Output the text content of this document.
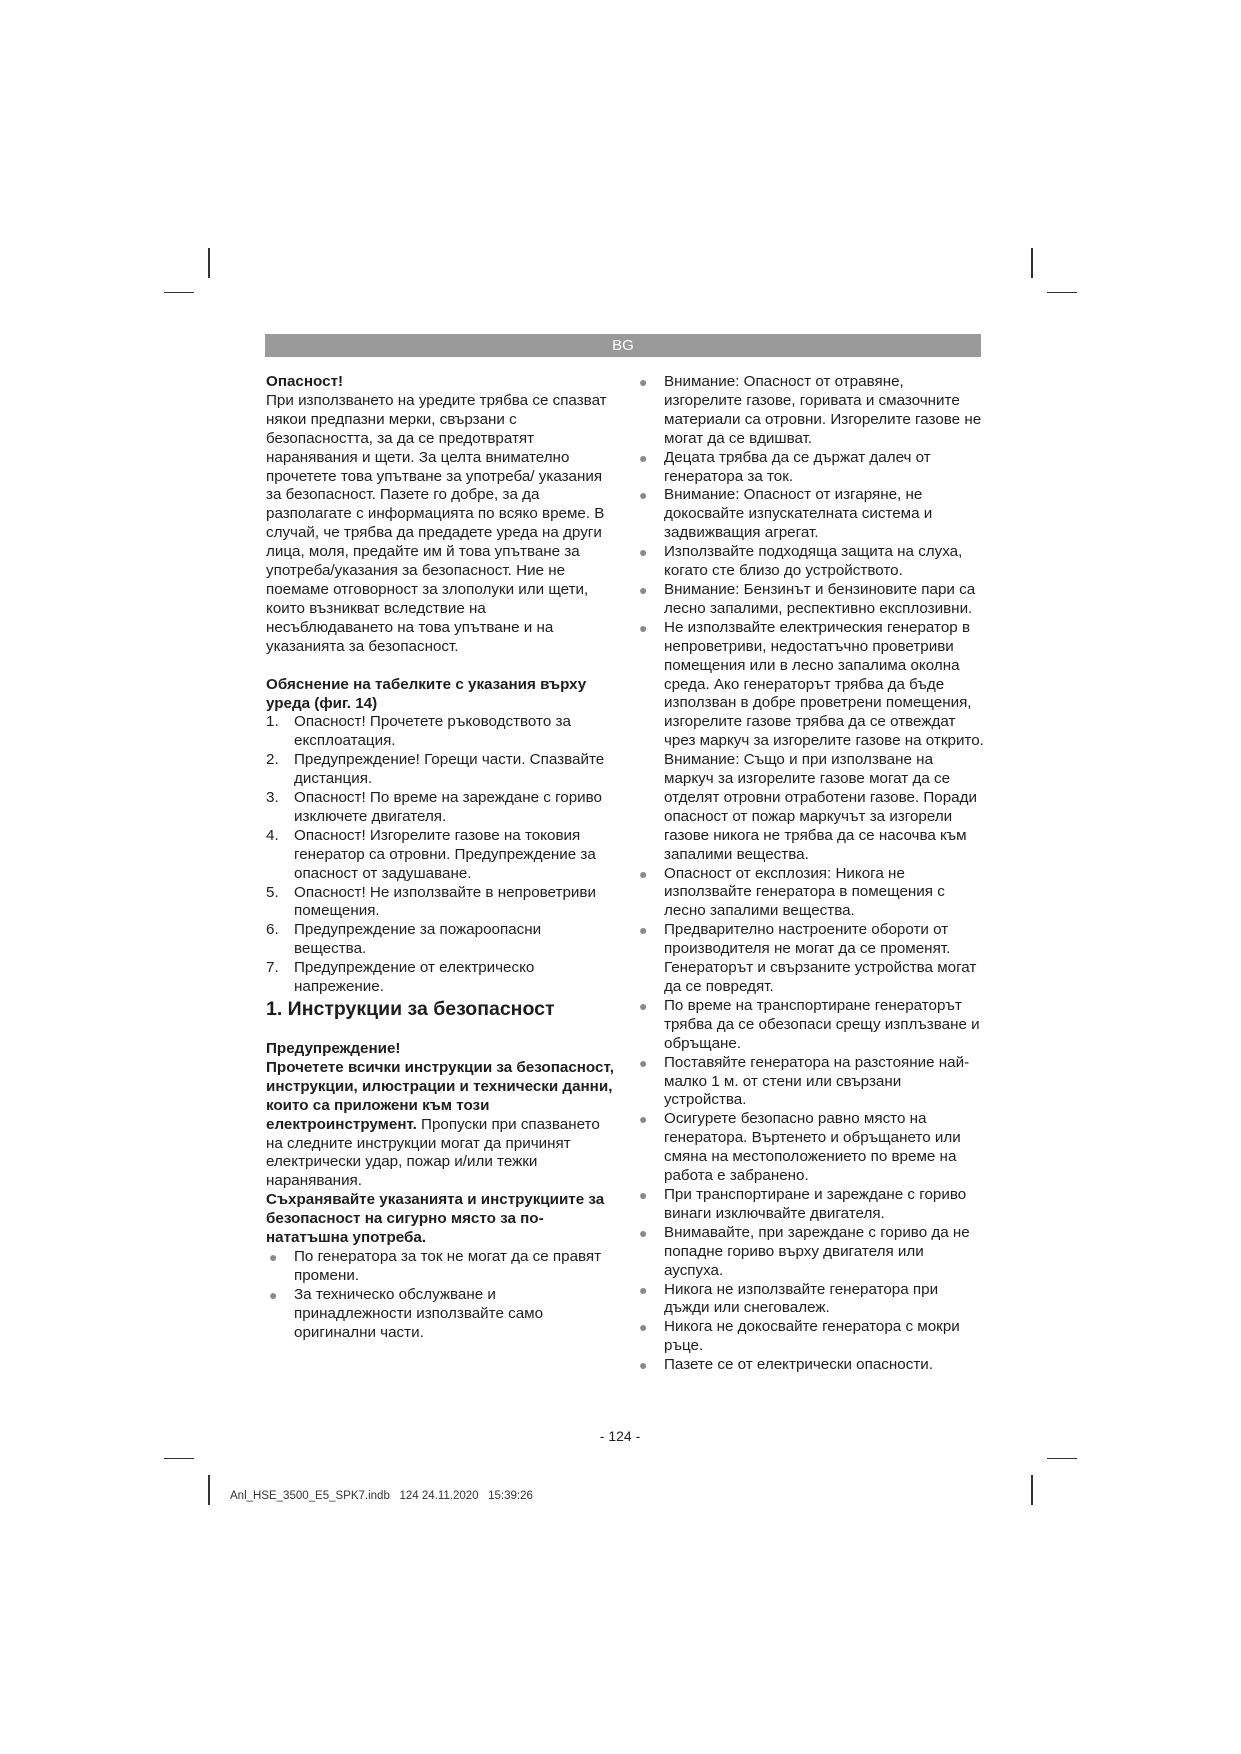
BG

Опасност!

При използването на уредите трябва се спазват някои предпазни мерки, свързани с безопасността, за да се предотвратят наранявания и щети. За целта внимателно прочетете това упътване за употреба/ указания за безопасност. Пазете го добре, за да разполагате с информацията по всяко време. В случай, че трябва да предадете уреда на други лица, моля, предайте им й това упътване за употреба/указания за безопасност. Ние не поемаме отговорност за злополуки или щети, които възникват вследствие на несъблюдаването на това упътване и на указанията за безопасност.

Обяснение на табелките с указания върху уреда (фиг. 14)

1. Опасност! Прочетете ръководството за експлоатация.
2. Предупреждение! Горещи части. Спазвайте дистанция.
3. Опасност! По време на зареждане с гориво изключете двигателя.
4. Опасност! Изгорелите газове на токовия генератор са отровни. Предупреждение за опасност от задушаване.
5. Опасност! Не използвайте в непроветриви помещения.
6. Предупреждение за пожароопасни вещества.
7. Предупреждение от електрическо напрежение.
1. Инструкции за безопасност

Предупреждение!

Прочетете всички инструкции за безопасност, инструкции, илюстрации и технически данни, които са приложени към този електроинструмент. Пропуски при спазването на следните инструкции могат да причинят електрически удар, пожар и/или тежки наранявания.

Съхранявайте указанията и инструкциите за безопасност на сигурно място за по-нататъшна употреба.

● По генератора за ток не могат да се правят промени.
● За техническо обслужване и принадлежности използвайте само оригинални части.
● Внимание: Опасност от отравяне, изгорелите газове, горивата и смазочните материали са отровни. Изгорелите газове не могат да се вдишват.
● Децата трябва да се държат далеч от генератора за ток.
● Внимание: Опасност от изгаряне, не докосвайте изпускателната система и задвижващия агрегат.
● Използвайте подходяща защита на слуха, когато сте близо до устройството.
● Внимание: Бензинът и бензиновите пари са лесно запалими, респективно експлозивни.
● Не използвайте електрическия генератор в непроветриви, недостатъчно проветриви помещения или в лесно запалима околна среда. Ако генераторът трябва да бъде използван в добре проветрени помещения, изгорелите газове трябва да се отвеждат чрез маркуч за изгорелите газове на открито. Внимание: Също и при използване на маркуч за изгорелите газове могат да се отделят отровни отработени газове. Поради опасност от пожар маркучът за изгорели газове никога не трябва да се насочва към запалими вещества.
● Опасност от експлозия: Никога не използвайте генератора в помещения с лесно запалими вещества.
● Предварително настроените обороти от производителя не могат да се променят. Генераторът и свързаните устройства могат да се повредят.
● По време на транспортиране генераторът трябва да се обезопаси срещу изплъзване и обръщане.
● Поставяйте генератора на разстояние най-малко 1 м. от стени или свързани устройства.
● Осигурете безопасно равно място на генератора. Въртенето и обръщането или смяна на местоположението по време на работа е забранено.
● При транспортиране и зареждане с гориво винаги изключвайте двигателя.
● Внимавайте, при зареждане с гориво да не попадне гориво върху двигателя или ауспуха.
● Никога не използвайте генератора при дъжди или снеговалеж.
● Никога не докосвайте генератора с мокри ръце.
● Пазете се от електрически опасности.
- 124 -
Anl_HSE_3500_E5_SPK7.indb 124 24.11.2020 15:39:26
